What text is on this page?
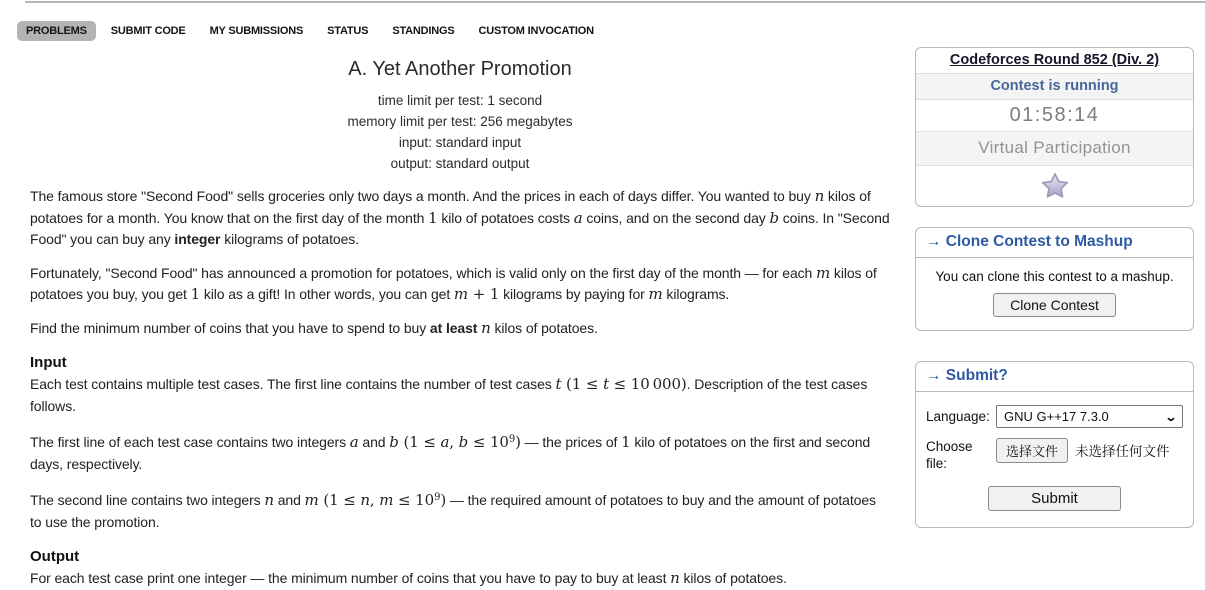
PROBLEMS	SUBMIT CODE	MY SUBMISSIONS	STATUS	STANDINGS	CUSTOM INVOCATION
A. Yet Another Promotion
time limit per test: 1 second
memory limit per test: 256 megabytes
input: standard input
output: standard output
The famous store "Second Food" sells groceries only two days a month. And the prices in each of days differ. You wanted to buy n kilos of potatoes for a month. You know that on the first day of the month 1 kilo of potatoes costs a coins, and on the second day b coins. In "Second Food" you can buy any integer kilograms of potatoes.
Fortunately, "Second Food" has announced a promotion for potatoes, which is valid only on the first day of the month — for each m kilos of potatoes you buy, you get 1 kilo as a gift! In other words, you can get m + 1 kilograms by paying for m kilograms.
Find the minimum number of coins that you have to spend to buy at least n kilos of potatoes.
Input
Each test contains multiple test cases. The first line contains the number of test cases t (1 ≤ t ≤ 10 000). Description of the test cases follows.
The first line of each test case contains two integers a and b (1 ≤ a, $b \le 10^9$) — the prices of 1 kilo of potatoes on the first and second days, respectively.
The second line contains two integers n and m (1 ≤ n, $m \le 10^9$) — the required amount of potatoes to buy and the amount of potatoes to use the promotion.
Output
For each test case print one integer — the minimum number of coins that you have to pay to buy at least n kilos of potatoes.
Codeforces Round 852 (Div. 2)
Contest is running
01:58:14
Virtual Participation
→ Clone Contest to Mashup
You can clone this contest to a mashup.
Clone Contest
→ Submit?
Language:	GNU G++17 7.3.0	⌄
Choose file:
选择文件 未选择任何文件
Submit
